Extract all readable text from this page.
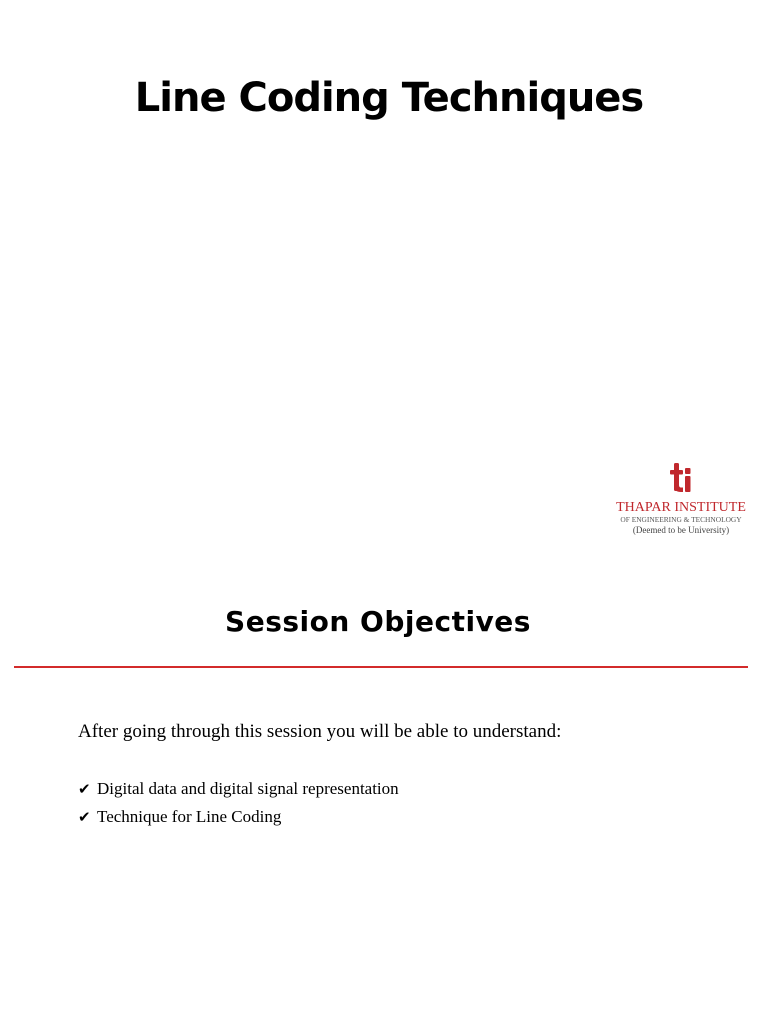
Line Coding Techniques
THAPAR INSTITUTE
OF ENGINEERING & TECHNOLOGY
(Deemed to be University)
Session Objectives
After going through this session you will be able to understand:
✔ Digital data and digital signal representation
✔ Technique for Line Coding
